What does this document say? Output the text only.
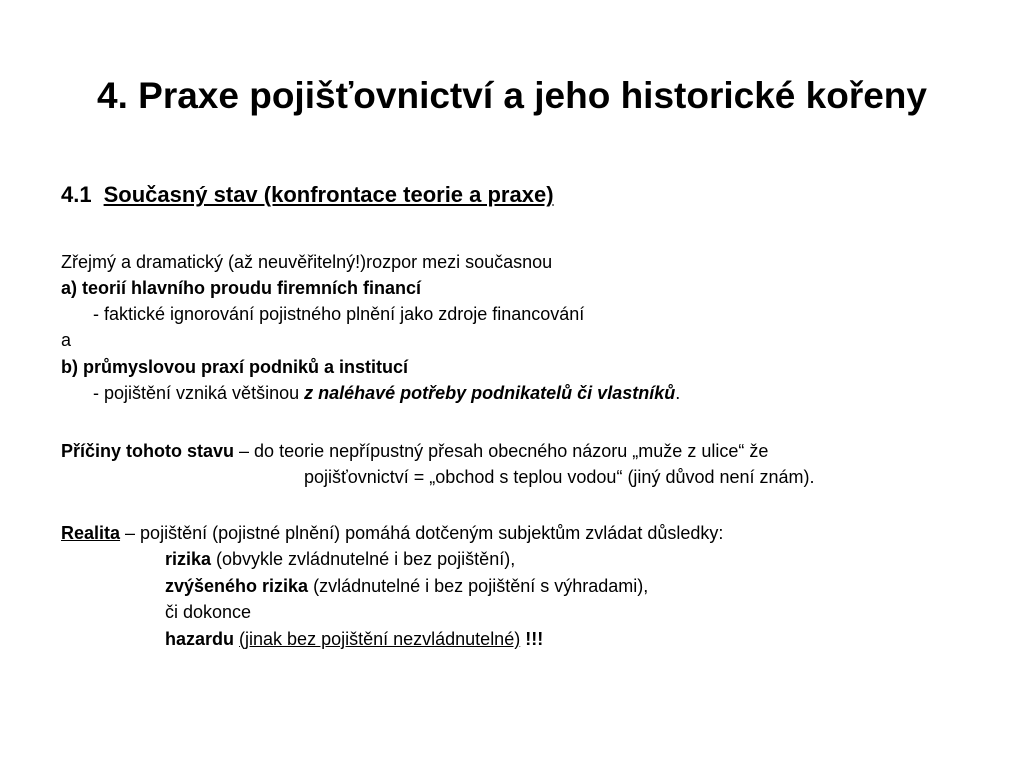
4. Praxe pojišťovnictví a jeho historické kořeny
4.1 Současný stav (konfrontace teorie a praxe)
Zřejmý a dramatický (až neuvěřitelný!)rozpor mezi současnou
a) teorií hlavního proudu firemních financí
- faktické ignorování pojistného plnění jako zdroje financování
a
b) průmyslovou praxí podniků a institucí
- pojištění vzniká většinou z naléhavé potřeby podnikatelů či vlastníků.
Příčiny tohoto stavu – do teorie nepřípustný přesah obecného názoru „muže z ulice“ že
pojišťovnictví = „obchod s teplou vodou“ (jiný důvod není znám).
Realita – pojištění (pojistné plnění) pomáhá dotčeným subjektům zvládat důsledky:
rizika (obvykle zvládnutelné i bez pojištění),
zvýšeného rizika (zvládnutelné i bez pojištění s výhradami),
či dokonce
hazardu (jinak bez pojištění nezvládnutelné) !!!
